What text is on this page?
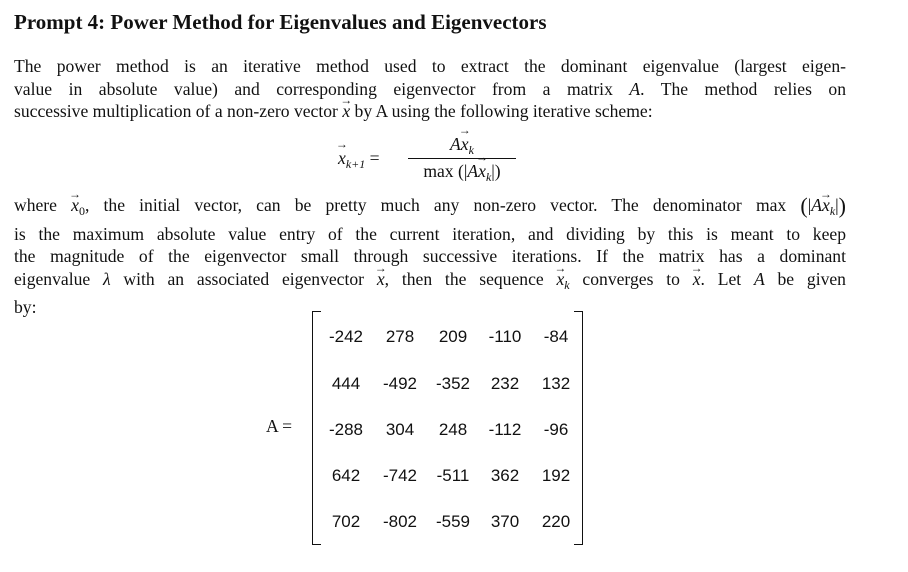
Prompt 4: Power Method for Eigenvalues and Eigenvectors
The power method is an iterative method used to extract the dominant eigenvalue (largest eigen-
value in absolute value) and corresponding eigenvector from a matrix A. The method relies on
successive multiplication of a non-zero vector → x by A using the following iterative scheme:
→ $x_{k+1}$ =
$A\to x_k$
$\max (|A\to x_k|)$
where → $x_0$, the initial vector, can be pretty much any non-zero vector. The denominator $\max (|A\to x_k|)$
is the maximum absolute value entry of the current iteration, and dividing by this is meant to keep
the magnitude of the eigenvector small through successive iterations. If the matrix has a dominant
eigenvalue λ with an associated eigenvector → x, then the sequence → $x_k$ converges to → x. Let A be given
by:
A =
-242	278	209	-110	-84
444	-492	-352	232	132
-288	304	248	-112	-96
642	-742	-511	362	192
702	-802	-559	370	220
